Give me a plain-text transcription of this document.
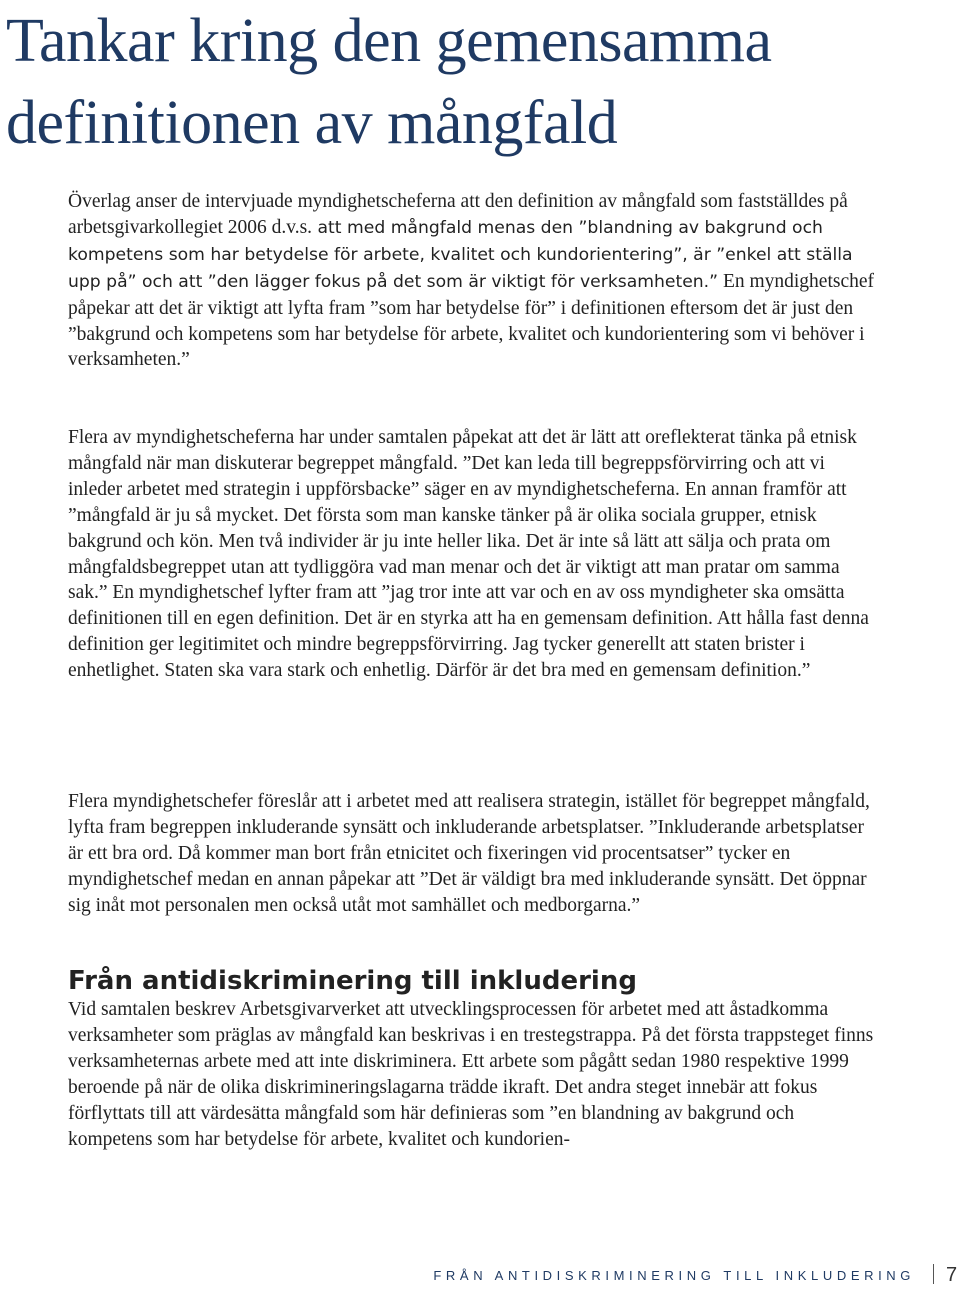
Tankar kring den gemensamma definitionen av mångfald

Överlag anser de intervjuade myndighetscheferna att den definition av mångfald som fastställdes på arbetsgivarkollegiet 2006 d.v.s. att med mångfald menas den ”blandning av bakgrund och kompetens som har betydelse för arbete, kvalitet och kundorientering”, är ”enkel att ställa upp på” och att ”den lägger fokus på det som är viktigt för verksamheten.” En myndighetschef påpekar att det är viktigt att lyfta fram ”som har betydelse för” i definitionen eftersom det är just den ”bakgrund och kompetens som har betydelse för arbete, kvalitet och kundorientering som vi behöver i verksamheten.”

Flera av myndighetscheferna har under samtalen påpekat att det är lätt att oreflekterat tänka på etnisk mångfald när man diskuterar begreppet mångfald. ”Det kan leda till begreppsförvirring och att vi inleder arbetet med strategin i uppförsbacke” säger en av myndighetscheferna. En annan framför att ”mångfald är ju så mycket. Det första som man kanske tänker på är olika sociala grupper, etnisk bakgrund och kön. Men två individer är ju inte heller lika. Det är inte så lätt att sälja och prata om mångfaldsbegreppet utan att tydliggöra vad man menar och det är viktigt att man pratar om samma sak.” En myndighetschef lyfter fram att ”jag tror inte att var och en av oss myndigheter ska omsätta definitionen till en egen definition. Det är en styrka att ha en gemensam definition. Att hålla fast denna definition ger legitimitet och mindre begreppsförvirring. Jag tycker generellt att staten brister i enhetlighet. Staten ska vara stark och enhetlig. Därför är det bra med en gemensam definition.”

Flera myndighetschefer föreslår att i arbetet med att realisera strategin, istället för begreppet mångfald, lyfta fram begreppen inkluderande synsätt och inkluderande arbetsplatser. ”Inkluderande arbetsplatser är ett bra ord. Då kommer man bort från etnicitet och fixeringen vid procentsatser” tycker en myndighetschef medan en annan påpekar att ”Det är väldigt bra med inkluderande synsätt. Det öppnar sig inåt mot personalen men också utåt mot samhället och medborgarna.”

Från antidiskriminering till inkludering

Vid samtalen beskrev Arbetsgivarverket att utvecklingsprocessen för arbetet med att åstadkomma verksamheter som präglas av mångfald kan beskrivas i en trestegstrappa. På det första trappsteget finns verksamheternas arbete med att inte diskriminera. Ett arbete som pågått sedan 1980 respektive 1999 beroende på när de olika diskrimineringslagarna trädde ikraft. Det andra steget innebär att fokus förflyttats till att värdesätta mångfald som här definieras som ”en blandning av bakgrund och kompetens som har betydelse för arbete, kvalitet och kundorien-

FRÅN ANTIDISKRIMINERING TILL INKLUDERING 7
